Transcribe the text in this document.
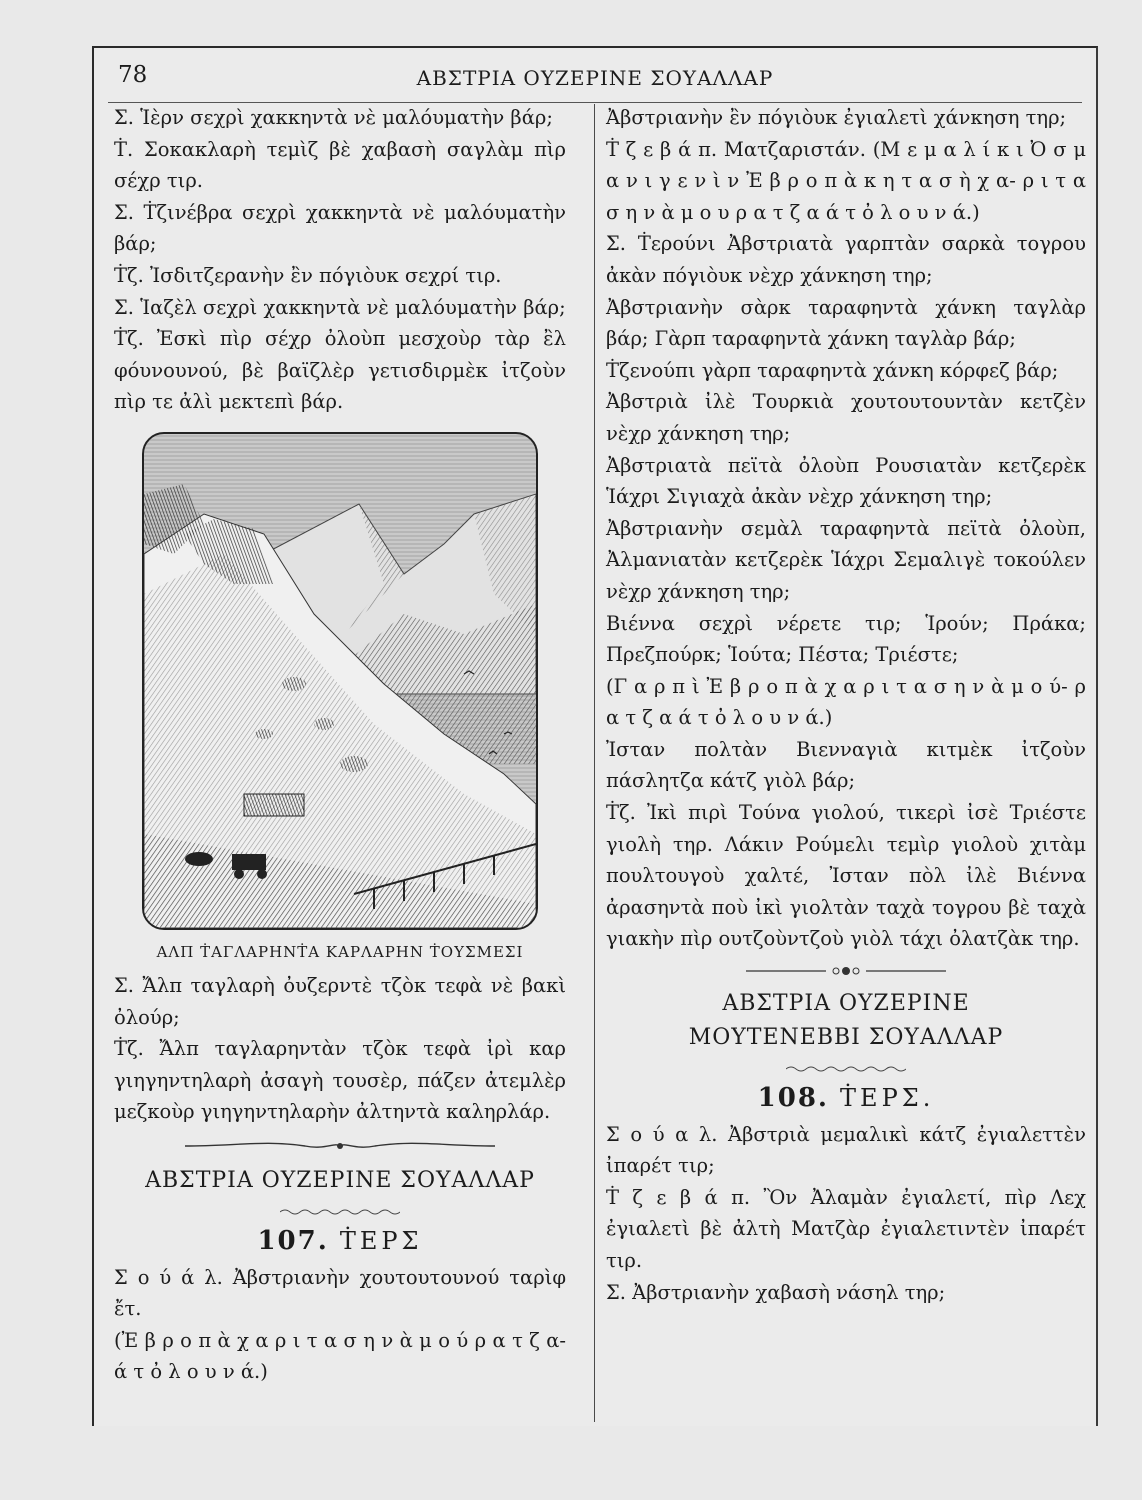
78	ΑΒΣΤΡΙΑ ΟΥΖΕΡΙΝΕ ΣΟΥΑΛΛΑΡ

Σ. Ἱὲρν σεχρὶ χακκηντὰ νὲ μαλόυματὴν βάρ;

Ṫ. Σοκακλαρὴ τεμὶζ βὲ χαβασὴ σαγλὰμ πὶρ σέχρ τιρ.

Σ. Ṫζινέβρα σεχρὶ χακκηντὰ νὲ μαλόυματὴν βάρ;

Ṫζ. Ἰσδιτζερανὴν ἒν πόγιὸυκ σεχρί τιρ.

Σ. Ἱαζὲλ σεχρὶ χακκηντὰ νὲ μαλόυματὴν βάρ;

Ṫζ. Ἐσκὶ πὶρ σέχρ ὀλοὺπ μεσχοὺρ τὰρ ἒλ φόυνουνού, βὲ βαϊζλὲρ γετισδιρμὲκ ἰτζοὺν πὶρ τε ἀλὶ μεκτεπὶ βάρ.

ΑΛΠ ṪΑΓΛΑΡΗΝṪΑ ΚΑΡΛΑΡΗΝ ṪΟΥΣΜΕΣΙ

Σ. Ἄλπ ταγλαρὴ ὀυζερντὲ τζὸκ τεφὰ νὲ βακὶ ὀλούρ;

Ṫζ. Ἄλπ ταγλαρηντὰν τζὸκ τεφὰ ἰρὶ καρ γιηγηντηλαρὴ ἀσαγὴ τουσὲρ, πάζεν ἀτεμλὲρ μεζκοὺρ γιηγηντηλαρὴν ἀλτηντὰ καληρλάρ.

ΑΒΣΤΡΙΑ ΟΥΖΕΡΙΝΕ ΣΟΥΑΛΛΑΡ
107. ṪΕΡΣ

Σ ο ύ ά λ. Ἀβστριανὴν χουτουτουνού ταρὶφ ἔτ.

(Ἐ β ρ ο π ὰ χ α ρ ι τ α σ η ν ὰ μ ο ύ ρ α τ ζ α- ά τ ὀ λ ο υ ν ά.)

Ἀβστριανὴν ἒν πόγιὸυκ ἐγιαλετὶ χάνκηση τηρ;

Ṫ ζ ε β ά π. Ματζαριστάν. (Μ ε μ α λ ί κ ι Ὀ σ μ α ν ι γ ε ν ὶ ν Ἐ β ρ ο π ὰ κ η τ α σ ὴ χ α- ρ ι τ α σ η ν ὰ μ ο υ ρ α τ ζ α ά τ ὀ λ ο υ ν ά.)

Σ. Ṫερούνι Ἀβστριατὰ γαρπτὰν σαρκὰ τογρου ἀκὰν πόγιὸυκ νὲχρ χάνκηση τηρ;

Ἀβστριανὴν σὰρκ ταραφηντὰ χάνκη ταγλὰρ βάρ; Γὰρπ ταραφηντὰ χάνκη ταγλὰρ βάρ;

Ṫζενούπι γὰρπ ταραφηντὰ χάνκη κόρφεζ βάρ;

Ἀβστριὰ ἰλὲ Τουρκιὰ χουτουτουντὰν κετζὲν νὲχρ χάνκηση τηρ;

Ἀβστριατὰ πεϊτὰ ὀλοὺπ Ρουσιατὰν κετζερὲκ Ἱάχρι Σιγιαχὰ ἀκὰν νὲχρ χάνκηση τηρ;

Ἀβστριανὴν σεμὰλ ταραφηντὰ πεϊτὰ ὀλοὺπ, Ἀλμανιατὰν κετζερὲκ Ἱάχρι Σεμαλιγὲ τοκούλεν νὲχρ χάνκηση τηρ;

Βιέννα σεχρὶ νέρετε τιρ; Ἱρούν; Πράκα; Πρεζπούρκ; Ἱούτα; Πέστα; Τριέστε;

(Γ α ρ π ὶ Ἐ β ρ ο π ὰ χ α ρ ι τ α σ η ν ὰ μ ο ύ- ρ α τ ζ α ά τ ὀ λ ο υ ν ά.)

Ἰσταν πολτὰν Βιενναγιὰ κιτμὲκ ἰτζοὺν πάσλητζα κάτζ γιὸλ βάρ;

Ṫζ. Ἰκὶ πιρὶ Τούνα γιολού, τικερὶ ἰσὲ Τριέστε γιολὴ τηρ. Λάκιν Ρούμελι τεμὶρ γιολοὺ χιτὰμ πουλτουγοὺ χαλτέ, Ἰσταν πὸλ ἰλὲ Βιέννα ἀρασηντὰ ποὺ ἰκὶ γιολτὰν ταχὰ τογρου βὲ ταχὰ γιακὴν πὶρ ουτζοὺντζοὺ γιὸλ τάχι ὀλατζὰκ τηρ.

ΑΒΣΤΡΙΑ ΟΥΖΕΡΙΝΕ
ΜΟΥΤΕΝΕΒΒΙ ΣΟΥΑΛΛΑΡ
108. ṪΕΡΣ.

Σ ο ύ α λ. Ἀβστριὰ μεμαλικὶ κάτζ ἐγιαλεττὲν ἰπαρέτ τιρ;

Ṫ ζ ε β ά π. Ὂν Ἀλαμὰν ἐγιαλετί, πὶρ Λεχ ἐγιαλετὶ βὲ ἀλτὴ Ματζὰρ ἐγιαλετιντὲν ἰπαρέτ τιρ.

Σ. Ἀβστριανὴν χαβασὴ νάσηλ τηρ;
